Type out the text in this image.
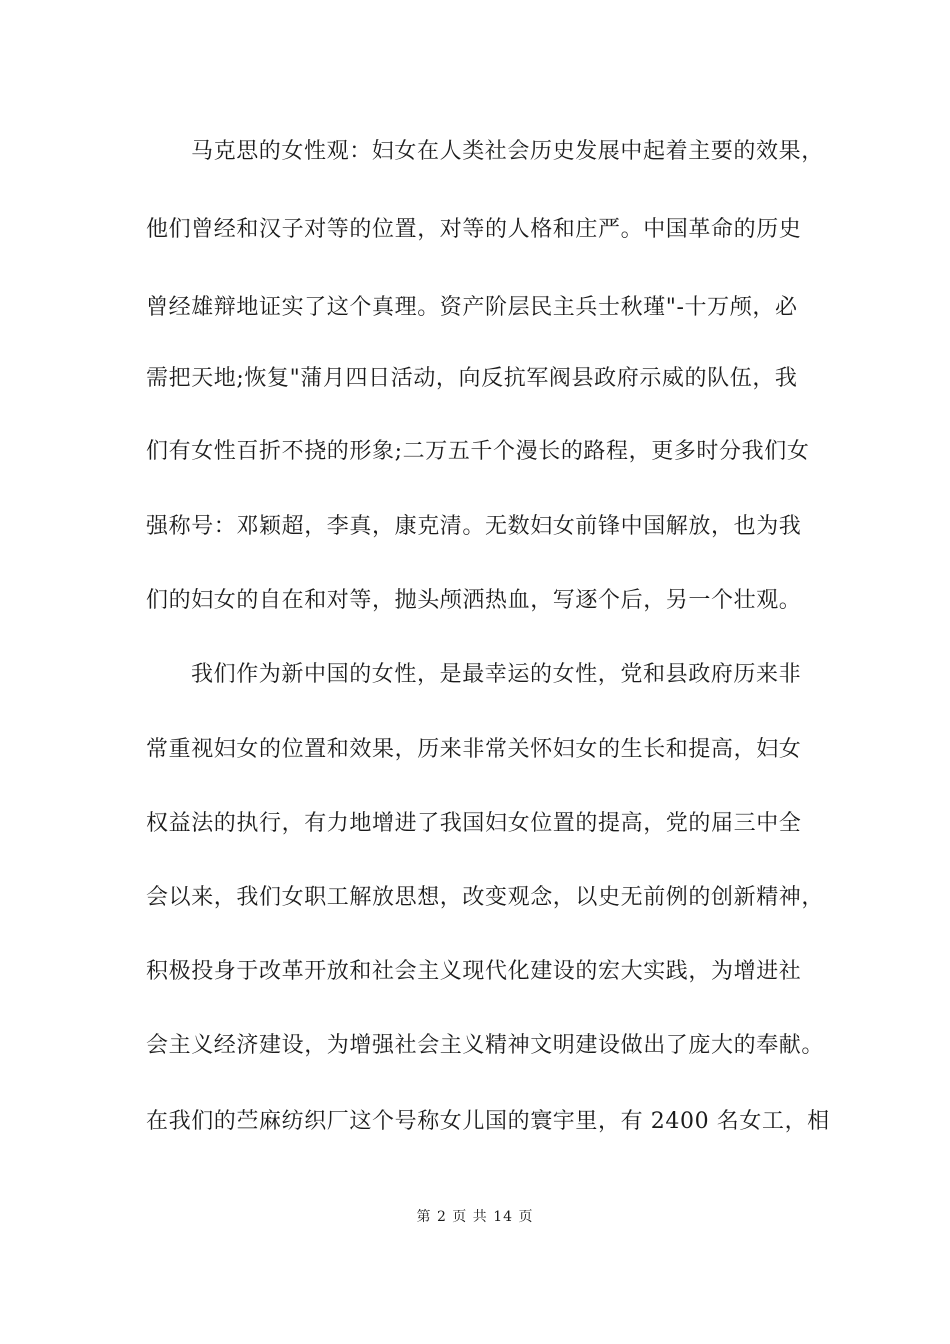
马克思的女性观：妇女在人类社会历史发展中起着主要的效果，
他们曾经和汉子对等的位置，对等的人格和庄严。中国革命的历史
曾经雄辩地证实了这个真理。资产阶层民主兵士秋瑾"-十万颅，必
需把天地;恢复"蒲月四日活动，向反抗军阀县政府示威的队伍，我
们有女性百折不挠的形象;二万五千个漫长的路程，更多时分我们女
强称号：邓颖超，李真，康克清。无数妇女前锋中国解放，也为我
们的妇女的自在和对等，抛头颅洒热血，写逐个后，另一个壮观。
我们作为新中国的女性，是最幸运的女性，党和县政府历来非
常重视妇女的位置和效果，历来非常关怀妇女的生长和提高，妇女
权益法的执行，有力地增进了我国妇女位置的提高，党的届三中全
会以来，我们女职工解放思想，改变观念，以史无前例的创新精神，
积极投身于改革开放和社会主义现代化建设的宏大实践，为增进社
会主义经济建设，为增强社会主义精神文明建设做出了庞大的奉献。
在我们的苎麻纺织厂这个号称女儿国的寰宇里，有 2400 名女工，相
第 2 页 共 14 页
